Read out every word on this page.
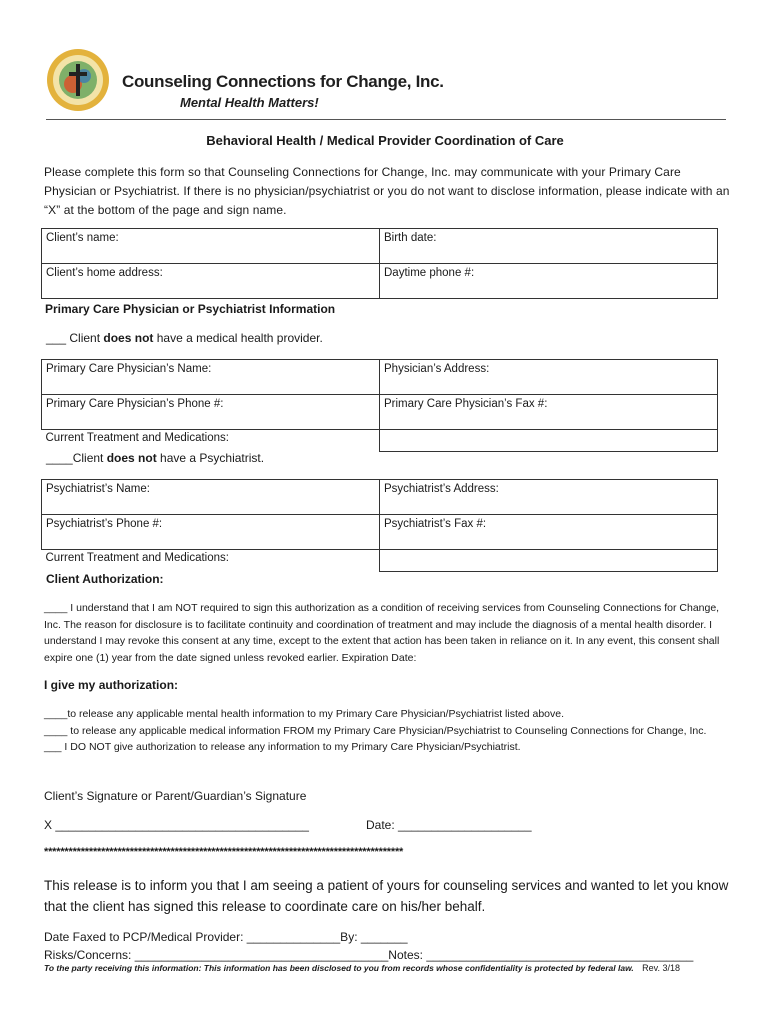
Counseling Connections for Change, Inc.
Mental Health Matters!
Behavioral Health / Medical Provider Coordination of Care
Please complete this form so that Counseling Connections for Change, Inc. may communicate with your Primary Care Physician or Psychiatrist. If there is no physician/psychiatrist or you do not want to disclose information, please indicate with an “X” at the bottom of the page and sign name.
Client’s name:	Birth date:
Client’s home address:	Daytime phone #:
Primary Care Physician or Psychiatrist Information
___ Client does not have a medical health provider.
Primary Care Physician’s Name:	Physician’s Address:
Primary Care Physician’s Phone #:	Primary Care Physician’s Fax #:
Current Treatment and Medications:	
____Client does not have a Psychiatrist.
Psychiatrist’s Name:	Psychiatrist’s Address:
Psychiatrist’s Phone #:	Psychiatrist’s Fax #:
Current Treatment and Medications:	
Client Authorization:
____ I understand that I am NOT required to sign this authorization as a condition of receiving services from Counseling Connections for Change, Inc. The reason for disclosure is to facilitate continuity and coordination of treatment and may include the diagnosis of a mental health disorder. I understand I may revoke this consent at any time, except to the extent that action has been taken in reliance on it. In any event, this consent shall expire one (1) year from the date signed unless revoked earlier. Expiration Date:
I give my authorization:
____to release any applicable mental health information to my Primary Care Physician/Psychiatrist listed above.
____ to release any applicable medical information FROM my Primary Care Physician/Psychiatrist to Counseling Connections for Change, Inc.
___ I DO NOT give authorization to release any information to my Primary Care Physician/Psychiatrist.
Client’s Signature or Parent/Guardian’s Signature
X ______________________________________	Date: ____________________
****************************************************************************************
This release is to inform you that I am seeing a patient of yours for counseling services and wanted to let you know that the client has signed this release to coordinate care on his/her behalf.
Date Faxed to PCP/Medical Provider: ______________By: _______
Risks/Concerns: ______________________________________Notes: ________________________________________
To the party receiving this information: This information has been disclosed to you from records whose confidentiality is protected by federal law. Rev. 3/18
